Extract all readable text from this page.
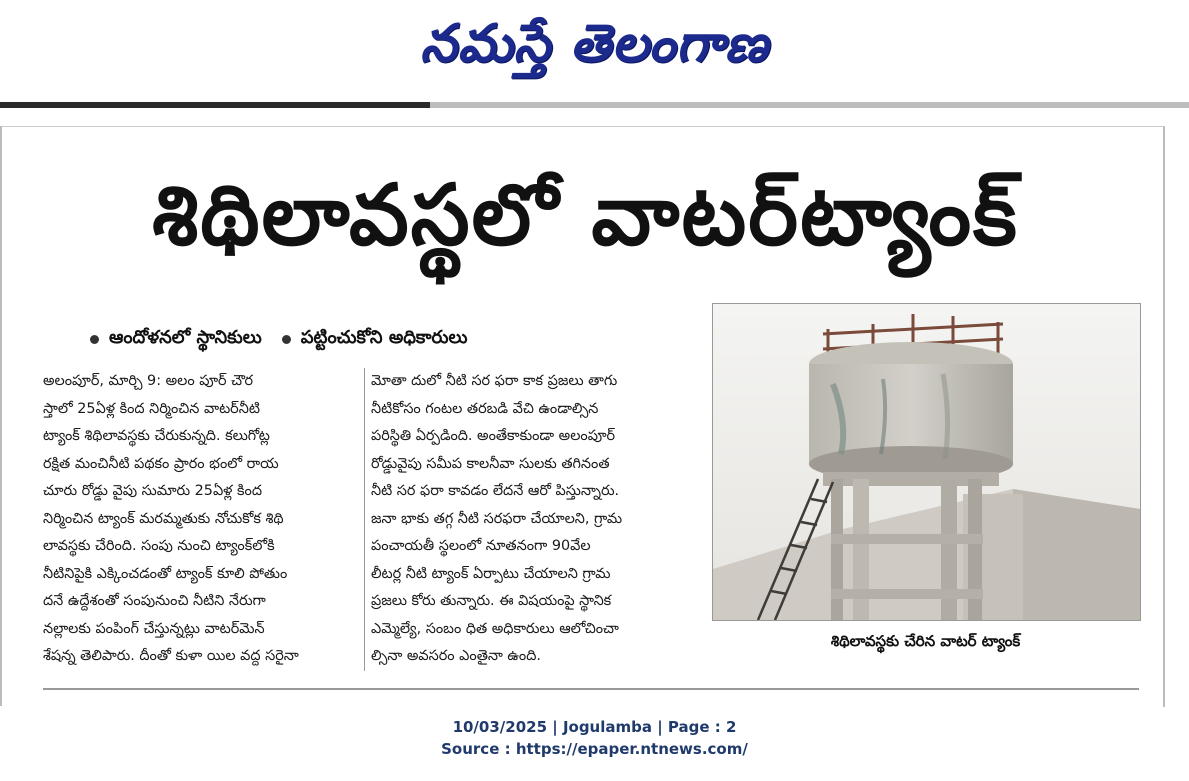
నమస్తే తెలంగాణ
శిథిలావస్థలో వాటర్‌ట్యాంక్
ఆందోళనలో స్థానికులు పట్టించుకోని అధికారులు
అలంపూర్, మార్చి 9: అలం పూర్ చౌర
స్తాలో 25ఏళ్ల కింద నిర్మించిన వాటర్‌నీటి
ట్యాంక్ శిథిలావస్థకు చేరుకున్నది. కలుగోట్ల
రక్షిత మంచినీటి పథకం ప్రారం భంలో రాయ
చూరు రోడ్డు వైపు సుమారు 25ఏళ్ల కింద
నిర్మించిన ట్యాంక్ మరమ్మతుకు నోచుకోక శిథి
లావస్థకు చేరింది. సంపు నుంచి ట్యాంక్‌లోకి
నీటినిపైకి ఎక్కించడంతో ట్యాంక్ కూలి పోతుం
దనే ఉద్దేశంతో సంపునుంచి నీటిని నేరుగా
నల్లాలకు పంపింగ్ చేస్తున్నట్లు వాటర్‌మెన్
శేషన్న తెలిపారు. దీంతో కుళా యిల వద్ద సరైనా
మోతా దులో నీటి సర ఫరా కాక ప్రజలు తాగు
నీటికోసం గంటల తరబడి వేచి ఉండాల్సిన
పరిస్థితి ఏర్పడింది. అంతేకాకుండా అలంపూర్
రోడ్డువైపు సమీప కాలనీవా సులకు తగినంత
నీటి సర ఫరా కావడం లేదనే ఆరో పిస్తున్నారు.
జనా భాకు తగ్గ నీటి సరఫరా చేయాలని, గ్రామ
పంచాయతీ స్థలంలో నూతనంగా 90వేల
లీటర్ల నీటి ట్యాంక్ ఏర్పాటు చేయాలని గ్రామ
ప్రజలు కోరు తున్నారు. ఈ విషయంపై స్థానిక
ఎమ్మెల్యే, సంబం ధిత అధికారులు ఆలోచించా
ల్సినా అవసరం ఎంతైనా ఉంది.
శిథిలావస్థకు చేరిన వాటర్ ట్యాంక్
10/03/2025 | Jogulamba | Page : 2
Source : https://epaper.ntnews.com/
